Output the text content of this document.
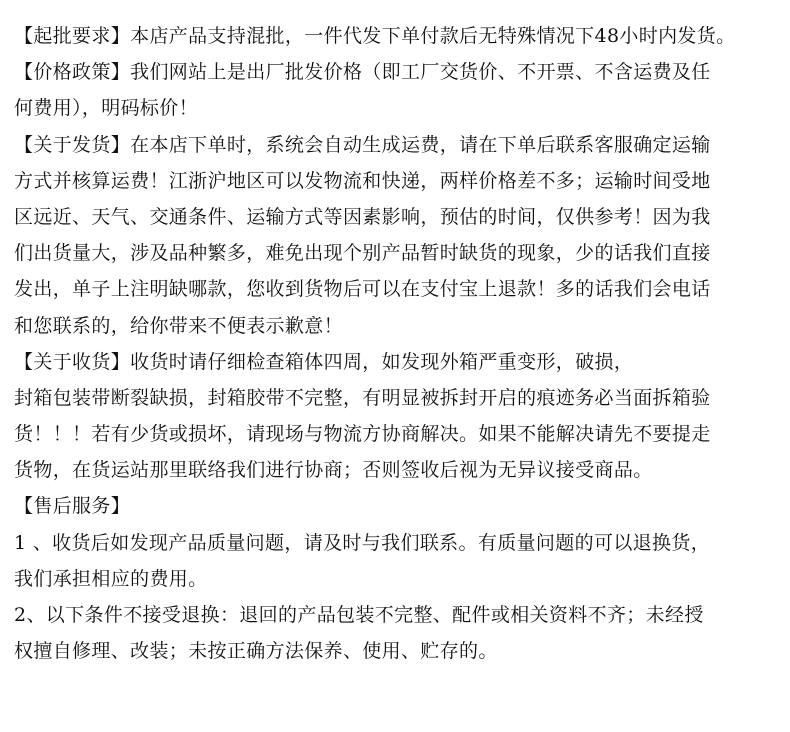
【起批要求】本店产品支持混批，一件代发下单付款后无特殊情况下48小时内发货。
【价格政策】我们网站上是出厂批发价格（即工厂交货价、不开票、不含运费及任
何费用），明码标价！
【关于发货】在本店下单时，系统会自动生成运费，请在下单后联系客服确定运输
方式并核算运费！江浙沪地区可以发物流和快递，两样价格差不多；运输时间受地
区远近、天气、交通条件、运输方式等因素影响，预估的时间，仅供参考！因为我
们出货量大，涉及品种繁多，难免出现个别产品暂时缺货的现象，少的话我们直接
发出，单子上注明缺哪款，您收到货物后可以在支付宝上退款！多的话我们会电话
和您联系的，给你带来不便表示歉意！
【关于收货】收货时请仔细检查箱体四周，如发现外箱严重变形，破损，
封箱包装带断裂缺损，封箱胶带不完整，有明显被拆封开启的痕迹务必当面拆箱验
货！！！若有少货或损坏，请现场与物流方协商解决。如果不能解决请先不要提走
货物，在货运站那里联络我们进行协商；否则签收后视为无异议接受商品。
【售后服务】
1 、收货后如发现产品质量问题，请及时与我们联系。有质量问题的可以退换货，
我们承担相应的费用。
2、以下条件不接受退换：退回的产品包装不完整、配件或相关资料不齐；未经授
权擅自修理、改装；未按正确方法保养、使用、贮存的。
